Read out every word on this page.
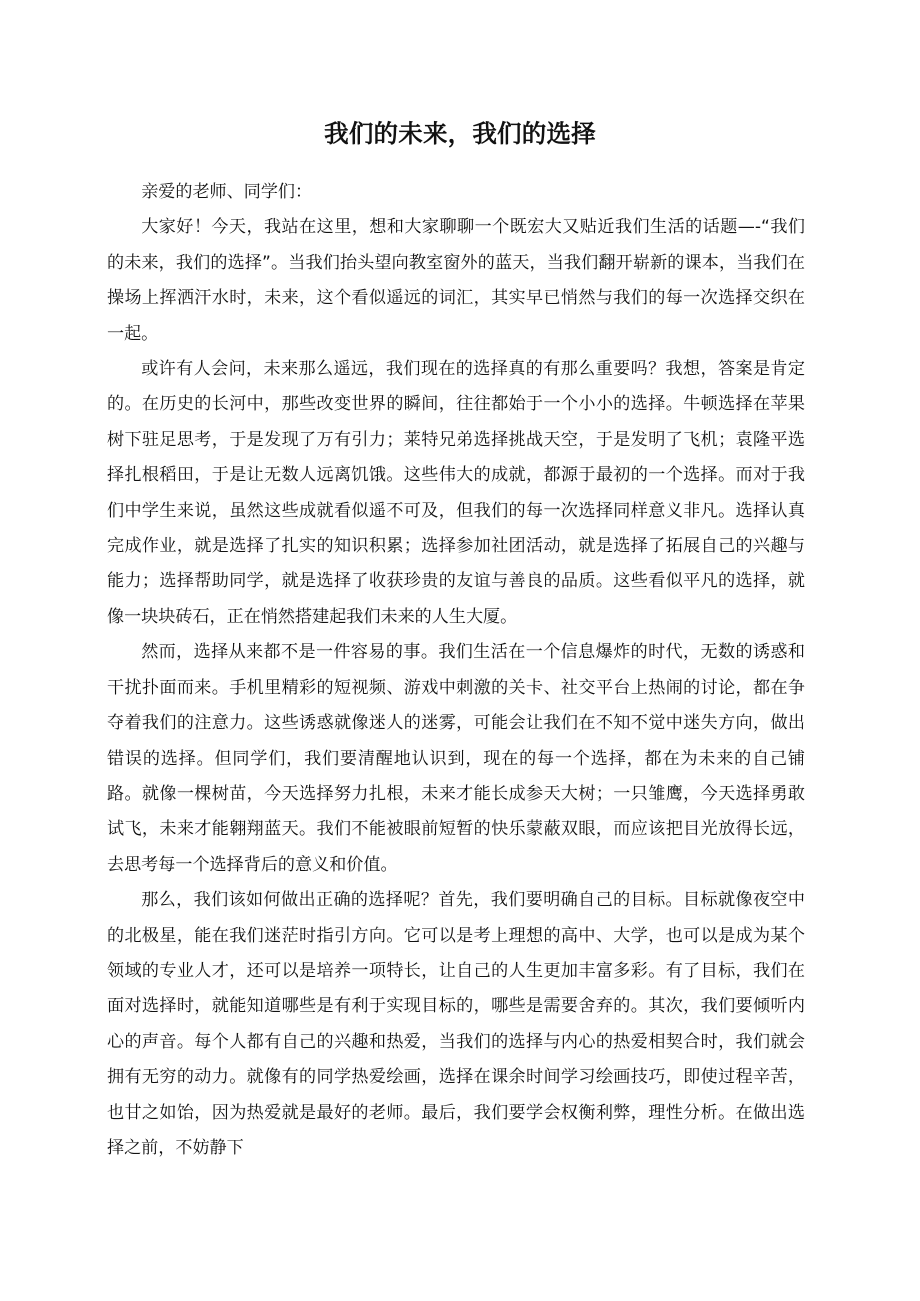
我们的未来，我们的选择

亲爱的老师、同学们：

大家好！今天，我站在这里，想和大家聊聊一个既宏大又贴近我们生活的话题—-“我们的未来，我们的选择”。当我们抬头望向教室窗外的蓝天，当我们翻开崭新的课本，当我们在操场上挥洒汗水时，未来，这个看似遥远的词汇，其实早已悄然与我们的每一次选择交织在一起。

或许有人会问，未来那么遥远，我们现在的选择真的有那么重要吗？我想，答案是肯定的。在历史的长河中，那些改变世界的瞬间，往往都始于一个小小的选择。牛顿选择在苹果树下驻足思考，于是发现了万有引力；莱特兄弟选择挑战天空，于是发明了飞机；袁隆平选择扎根稻田，于是让无数人远离饥饿。这些伟大的成就，都源于最初的一个选择。而对于我们中学生来说，虽然这些成就看似遥不可及，但我们的每一次选择同样意义非凡。选择认真完成作业，就是选择了扎实的知识积累；选择参加社团活动，就是选择了拓展自己的兴趣与能力；选择帮助同学，就是选择了收获珍贵的友谊与善良的品质。这些看似平凡的选择，就像一块块砖石，正在悄然搭建起我们未来的人生大厦。

然而，选择从来都不是一件容易的事。我们生活在一个信息爆炸的时代，无数的诱惑和干扰扑面而来。手机里精彩的短视频、游戏中刺激的关卡、社交平台上热闹的讨论，都在争夺着我们的注意力。这些诱惑就像迷人的迷雾，可能会让我们在不知不觉中迷失方向，做出错误的选择。但同学们，我们要清醒地认识到，现在的每一个选择，都在为未来的自己铺路。就像一棵树苗，今天选择努力扎根，未来才能长成参天大树；一只雏鹰，今天选择勇敢试飞，未来才能翱翔蓝天。我们不能被眼前短暂的快乐蒙蔽双眼，而应该把目光放得长远，去思考每一个选择背后的意义和价值。

那么，我们该如何做出正确的选择呢？首先，我们要明确自己的目标。目标就像夜空中的北极星，能在我们迷茫时指引方向。它可以是考上理想的高中、大学，也可以是成为某个领域的专业人才，还可以是培养一项特长，让自己的人生更加丰富多彩。有了目标，我们在面对选择时，就能知道哪些是有利于实现目标的，哪些是需要舍弃的。其次，我们要倾听内心的声音。每个人都有自己的兴趣和热爱，当我们的选择与内心的热爱相契合时，我们就会拥有无穷的动力。就像有的同学热爱绘画，选择在课余时间学习绘画技巧，即使过程辛苦，也甘之如饴，因为热爱就是最好的老师。最后，我们要学会权衡利弊，理性分析。在做出选择之前，不妨静下
